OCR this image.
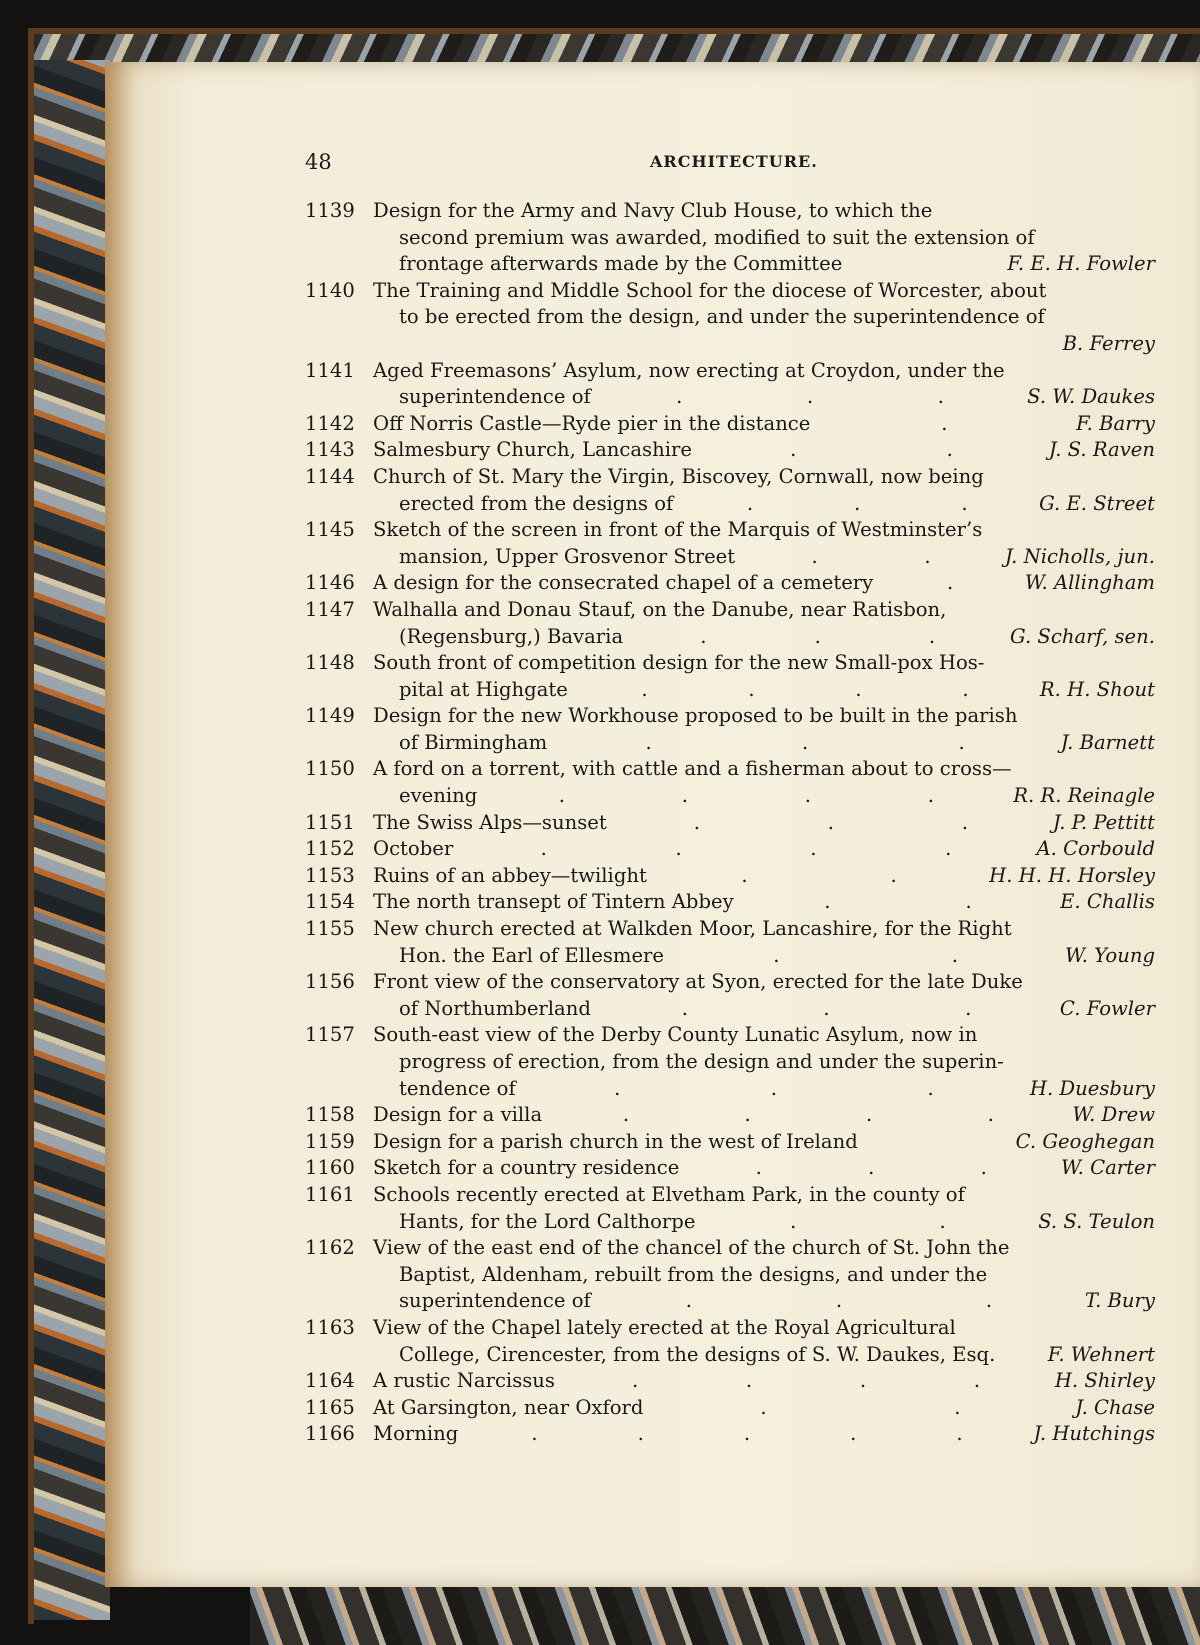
48	ARCHITECTURE.
1139 Design for the Army and Navy Club House, to which the
second premium was awarded, modified to suit the extension of
frontage afterwards made by the Committee	F. E. H. Fowler
1140 The Training and Middle School for the diocese of Worcester, about
to be erected from the design, and under the superintendence of
B. Ferrey
1141 Aged Freemasons’ Asylum, now erecting at Croydon, under the
superintendence of	.	.	.	S. W. Daukes
1142 Off Norris Castle—Ryde pier in the distance	.	F. Barry
1143 Salmesbury Church, Lancashire	.	.	J. S. Raven
1144 Church of St. Mary the Virgin, Biscovey, Cornwall, now being
erected from the designs of	.	.	.	G. E. Street
1145 Sketch of the screen in front of the Marquis of Westminster’s
mansion, Upper Grosvenor Street	.	.	J. Nicholls, jun.
1146 A design for the consecrated chapel of a cemetery	.	W. Allingham
1147 Walhalla and Donau Stauf, on the Danube, near Ratisbon,
(Regensburg,) Bavaria	.	.	.	G. Scharf, sen.
1148 South front of competition design for the new Small-pox Hos-
pital at Highgate	.	.	.	.	R. H. Shout
1149 Design for the new Workhouse proposed to be built in the parish
of Birmingham	.	.	.	J. Barnett
1150 A ford on a torrent, with cattle and a fisherman about to cross—
evening	.	.	.	.	R. R. Reinagle
1151 The Swiss Alps—sunset	.	.	.	J. P. Pettitt
1152 October	.	.	.	.	A. Corbould
1153 Ruins of an abbey—twilight	.	.	H. H. H. Horsley
1154 The north transept of Tintern Abbey	.	.	E. Challis
1155 New church erected at Walkden Moor, Lancashire, for the Right
Hon. the Earl of Ellesmere	.	.	W. Young
1156 Front view of the conservatory at Syon, erected for the late Duke
of Northumberland	.	.	.	C. Fowler
1157 South-east view of the Derby County Lunatic Asylum, now in
progress of erection, from the design and under the superin-
tendence of	.	.	.	H. Duesbury
1158 Design for a villa	.	.	.	.	W. Drew
1159 Design for a parish church in the west of Ireland	C. Geoghegan
1160 Sketch for a country residence	.	.	.	W. Carter
1161 Schools recently erected at Elvetham Park, in the county of
Hants, for the Lord Calthorpe	.	.	S. S. Teulon
1162 View of the east end of the chancel of the church of St. John the
Baptist, Aldenham, rebuilt from the designs, and under the
superintendence of	.	.	.	T. Bury
1163 View of the Chapel lately erected at the Royal Agricultural
College, Cirencester, from the designs of S. W. Daukes, Esq.	F. Wehnert
1164 A rustic Narcissus	.	.	.	.	H. Shirley
1165 At Garsington, near Oxford	.	.	J. Chase
1166 Morning	.	.	.	.	.	J. Hutchings
